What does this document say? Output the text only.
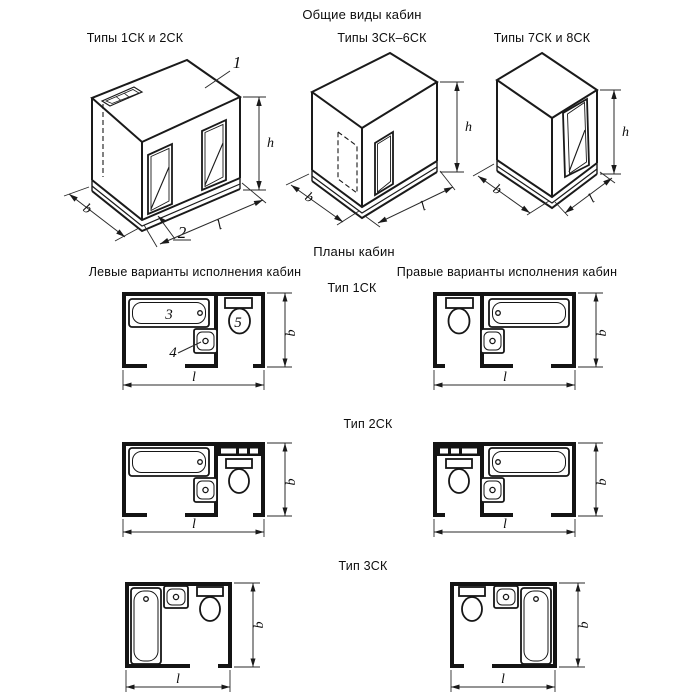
Общие виды кабин
Типы 1СК и 2СК	Типы 3СК–6СК	Типы 7СК и 8СК
Планы кабин
Левые варианты исполнения кабин	Правые варианты исполнения кабин
Тип 1СК
Тип 2СК
Тип 3СК
1
2
h
b
l
h
b
l
h
b
l
3
4
5
b
l
b
l
b
l
b
l
b
l
b
l
